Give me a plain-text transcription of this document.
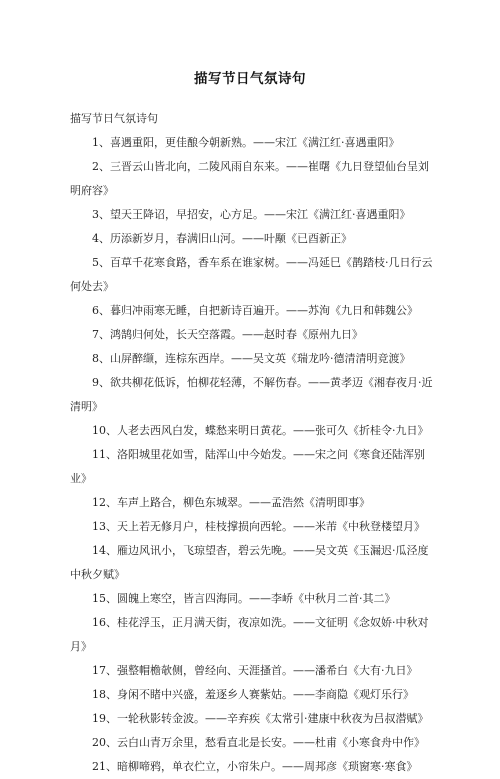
描写节日气氛诗句

描写节日气氛诗句

1、喜遇重阳，更佳酿今朝新熟。——宋江《满江红·喜遇重阳》
2、三晋云山皆北向，二陵风雨自东来。——崔曙《九日登望仙台呈刘明府容》
3、望天王降诏，早招安，心方足。——宋江《满江红·喜遇重阳》
4、历添新岁月，春满旧山河。——叶颙《已酉新正》
5、百草千花寒食路，香车系在谁家树。——冯延巳《鹊踏枝·几日行云何处去》
6、暮归冲雨寒无睡，自把新诗百遍开。——苏洵《九日和韩魏公》
7、鸿鹄归何处，长天空落霞。——赵时春《原州九日》
8、山屏醉缬，连棕东西岸。——吴文英《瑞龙吟·德清清明竞渡》
9、欲共柳花低诉，怕柳花轻薄，不解伤春。——黄孝迈《湘春夜月·近清明》
10、人老去西风白发，蝶愁来明日黄花。——张可久《折桂令·九日》
11、洛阳城里花如雪，陆浑山中今始发。——宋之问《寒食还陆浑别业》
12、车声上路合，柳色东城翠。——孟浩然《清明即事》
13、天上若无修月户，桂枝撑损向西轮。——米芾《中秋登楼望月》
14、雁边风讯小，飞琼望杳，碧云先晚。——吴文英《玉漏迟·瓜泾度中秋夕赋》
15、圆魄上寒空，皆言四海同。——李峤《中秋月二首·其二》
16、桂花浮玉，正月满天街，夜凉如洗。——文征明《念奴娇·中秋对月》
17、强整帽檐欹侧，曾经向、天涯搔首。——潘希白《大有·九日》
18、身闲不睹中兴盛，羞逐乡人赛紫姑。——李商隐《观灯乐行》
19、一轮秋影转金波。——辛弃疾《太常引·建康中秋夜为吕叔潜赋》
20、云白山青万余里，愁看直北是长安。——杜甫《小寒食舟中作》
21、暗柳啼鸦，单衣伫立，小帘朱户。——周邦彦《琐窗寒·寒食》
